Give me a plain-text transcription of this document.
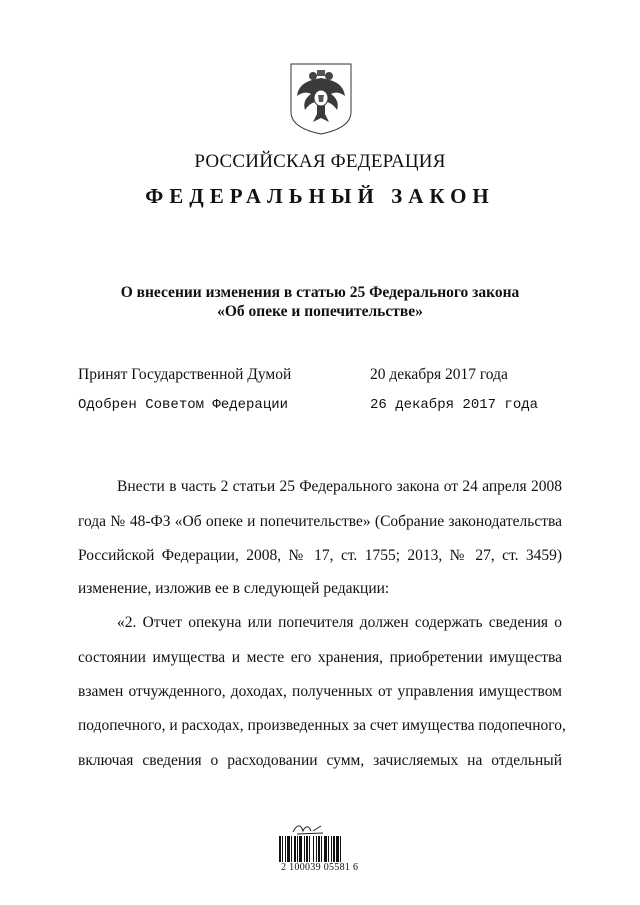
РОССИЙСКАЯ ФЕДЕРАЦИЯ
ФЕДЕРАЛЬНЫЙ ЗАКОН
О внесении изменения в статью 25 Федерального закона
«Об опеке и попечительстве»
Принят Государственной Думой	20 декабря 2017 года
Одобрен Советом Федерации	26 декабря 2017 года
Внести в часть 2 статьи 25 Федерального закона от 24 апреля 2008
года № 48-ФЗ «Об опеке и попечительстве» (Собрание законодательства
Российской Федерации, 2008, № 17, ст. 1755; 2013, № 27, ст. 3459)
изменение, изложив ее в следующей редакции:
«2. Отчет опекуна или попечителя должен содержать сведения о
состоянии имущества и месте его хранения, приобретении имущества
взамен отчужденного, доходах, полученных от управления имуществом
подопечного, и расходах, произведенных за счет имущества подопечного,
включая сведения о расходовании сумм, зачисляемых на отдельный
2 100039 05581 6
